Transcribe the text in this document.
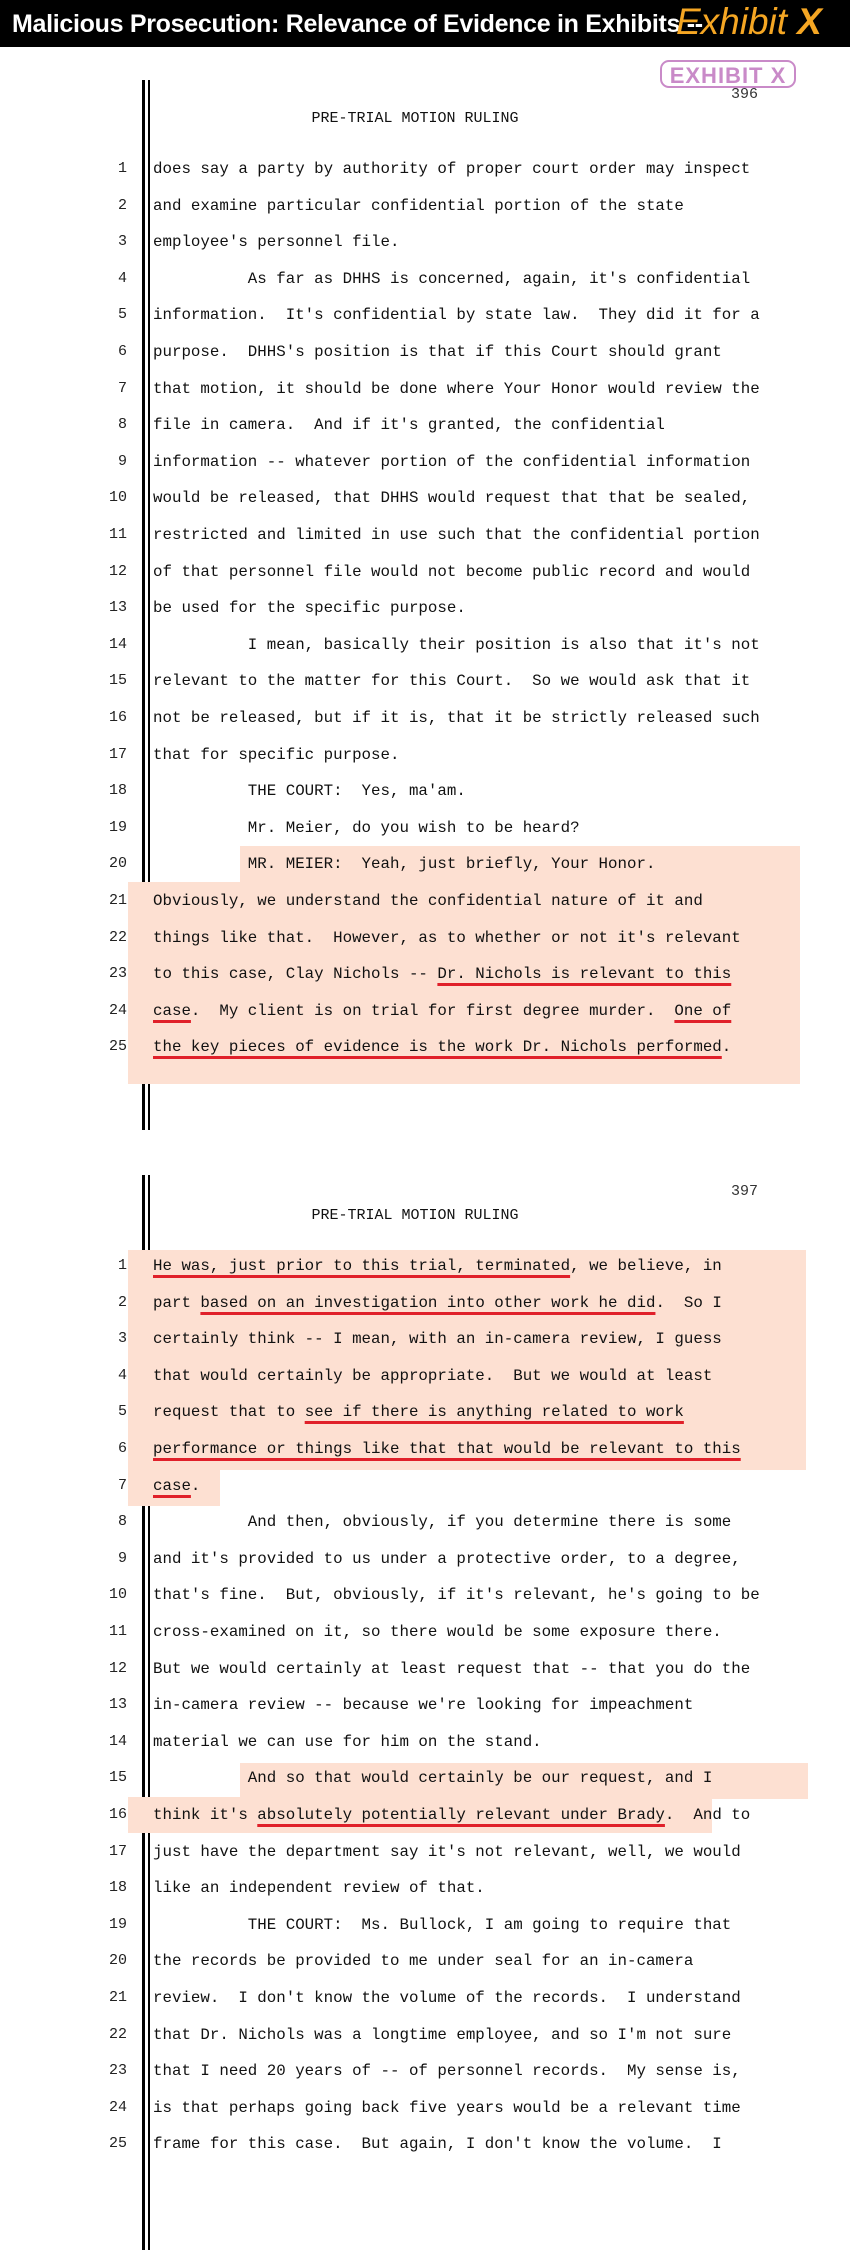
Malicious Prosecution: Relevance of Evidence in Exhibits --
Exhibit X
EXHIBIT X
396
PRE-TRIAL MOTION RULING
1 does say a party by authority of proper court order may inspect
2 and examine particular confidential portion of the state
3 employee's personnel file.
4 As far as DHHS is concerned, again, it's confidential
5 information.  It's confidential by state law.  They did it for a
6 purpose.  DHHS's position is that if this Court should grant
7 that motion, it should be done where Your Honor would review the
8 file in camera.  And if it's granted, the confidential
9 information -- whatever portion of the confidential information
10 would be released, that DHHS would request that that be sealed,
11 restricted and limited in use such that the confidential portion
12 of that personnel file would not become public record and would
13 be used for the specific purpose.
14 I mean, basically their position is also that it's not
15 relevant to the matter for this Court.  So we would ask that it
16 not be released, but if it is, that it be strictly released such
17 that for specific purpose.
18 THE COURT:  Yes, ma'am.
19 Mr. Meier, do you wish to be heard?
20 MR. MEIER:  Yeah, just briefly, Your Honor.
21 Obviously, we understand the confidential nature of it and
22 things like that.  However, as to whether or not it's relevant
23 to this case, Clay Nichols -- Dr. Nichols is relevant to this
24 case.  My client is on trial for first degree murder.  One of
25 the key pieces of evidence is the work Dr. Nichols performed.
397
PRE-TRIAL MOTION RULING
1 He was, just prior to this trial, terminated, we believe, in
2 part based on an investigation into other work he did.  So I
3 certainly think -- I mean, with an in-camera review, I guess
4 that would certainly be appropriate.  But we would at least
5 request that to see if there is anything related to work
6 performance or things like that that would be relevant to this
7 case.
8 And then, obviously, if you determine there is some
9 and it's provided to us under a protective order, to a degree,
10 that's fine.  But, obviously, if it's relevant, he's going to be
11 cross-examined on it, so there would be some exposure there.
12 But we would certainly at least request that -- that you do the
13 in-camera review -- because we're looking for impeachment
14 material we can use for him on the stand.
15 And so that would certainly be our request, and I
16 think it's absolutely potentially relevant under Brady.  And to
17 just have the department say it's not relevant, well, we would
18 like an independent review of that.
19 THE COURT:  Ms. Bullock, I am going to require that
20 the records be provided to me under seal for an in-camera
21 review.  I don't know the volume of the records.  I understand
22 that Dr. Nichols was a longtime employee, and so I'm not sure
23 that I need 20 years of -- of personnel records.  My sense is,
24 is that perhaps going back five years would be a relevant time
25 frame for this case.  But again, I don't know the volume.  I
